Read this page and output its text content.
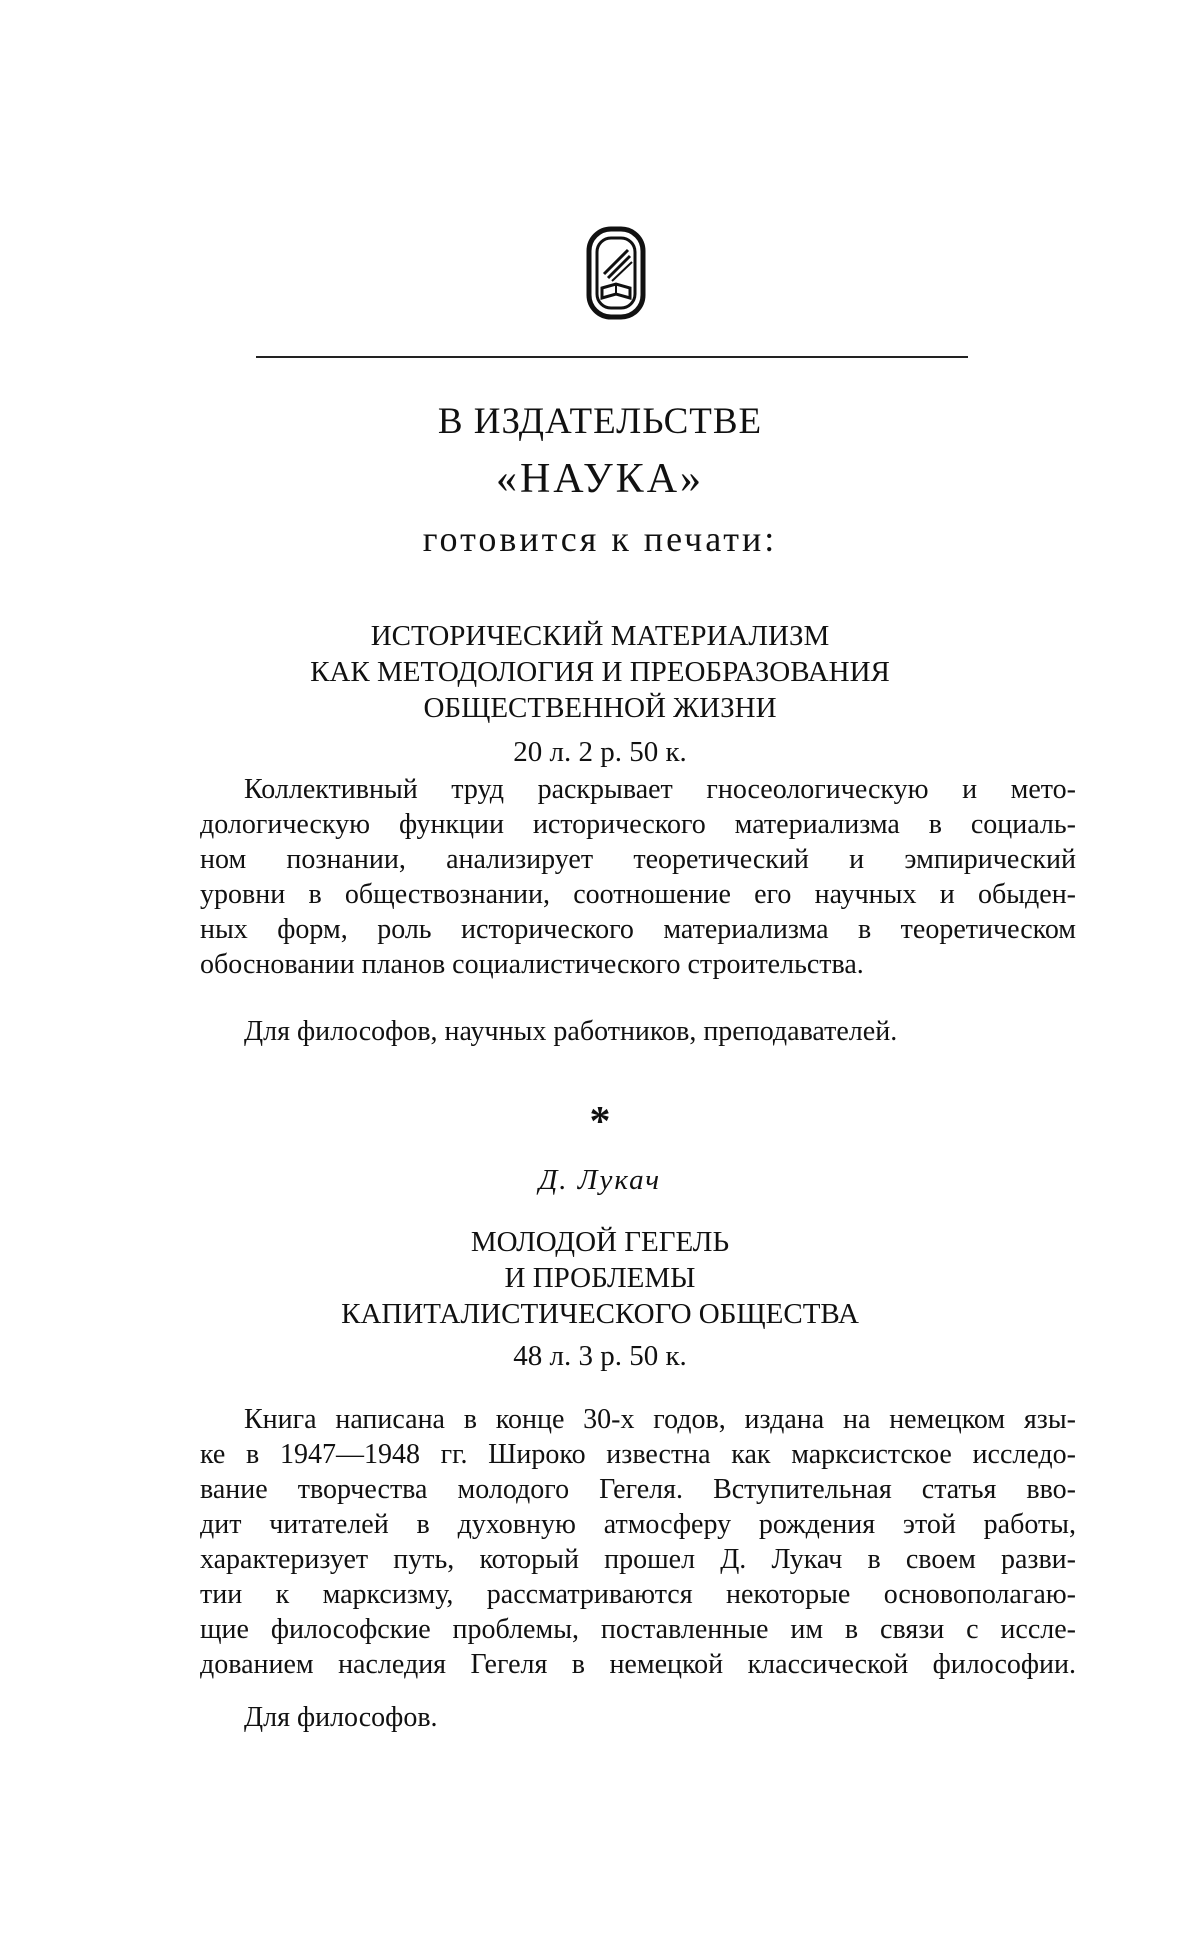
В ИЗДАТЕЛЬСТВЕ
«НАУКА»
готовится к печати:
ИСТОРИЧЕСКИЙ МАТЕРИАЛИЗМ
КАК МЕТОДОЛОГИЯ И ПРЕОБРАЗОВАНИЯ
ОБЩЕСТВЕННОЙ ЖИЗНИ
20 л. 2 р. 50 к.
Коллективный труд раскрывает гносеологическую и мето-
дологическую функции исторического материализма в социаль-
ном познании, анализирует теоретический и эмпирический
уровни в обществознании, соотношение его научных и обыден-
ных форм, роль исторического материализма в теоретическом
обосновании планов социалистического строительства.
Для философов, научных работников, преподавателей.
*
Д. Лукач
МОЛОДОЙ ГЕГЕЛЬ
И ПРОБЛЕМЫ
КАПИТАЛИСТИЧЕСКОГО ОБЩЕСТВА
48 л. 3 р. 50 к.
Книга написана в конце 30-х годов, издана на немецком язы-
ке в 1947—1948 гг. Широко известна как марксистское исследо-
вание творчества молодого Гегеля. Вступительная статья вво-
дит читателей в духовную атмосферу рождения этой работы,
характеризует путь, который прошел Д. Лукач в своем разви-
тии к марксизму, рассматриваются некоторые основополагаю-
щие философские проблемы, поставленные им в связи с иссле-
дованием наследия Гегеля в немецкой классической философии.
Для философов.
